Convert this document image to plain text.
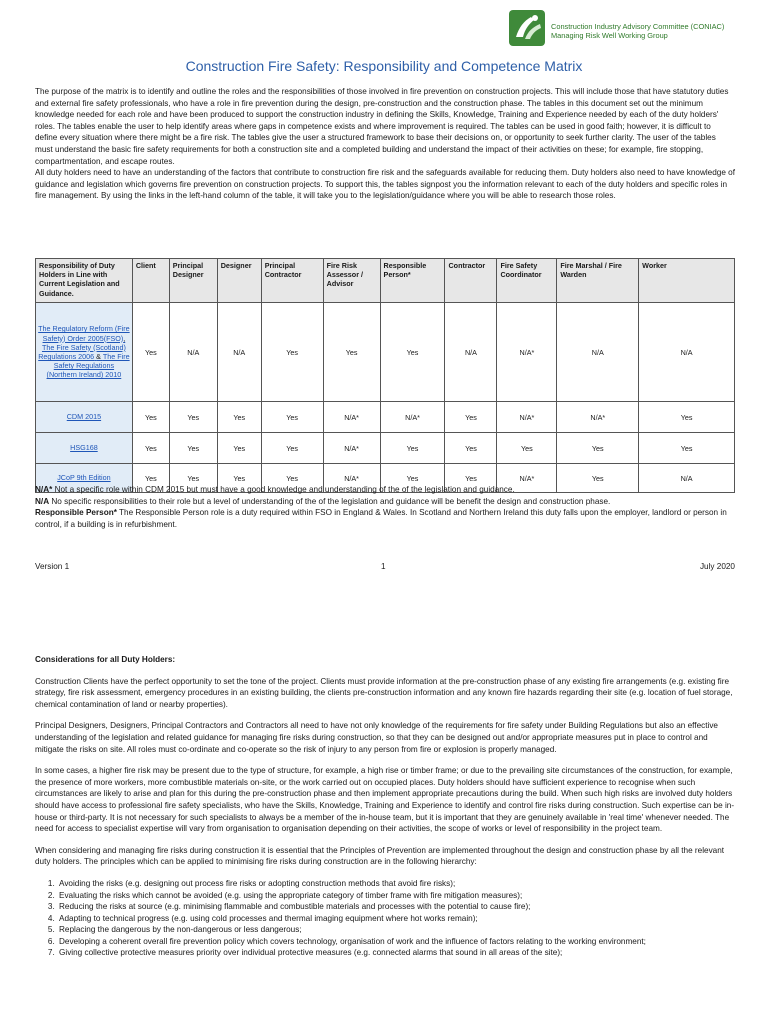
Construction Industry Advisory Committee (CONIAC)
Managing Risk Well Working Group
Construction Fire Safety: Responsibility and Competence Matrix

The purpose of the matrix is to identify and outline the roles and the responsibilities of those involved in fire prevention on construction projects. This will include those that have statutory duties and external fire safety professionals, who have a role in fire prevention during the design, pre-construction and the construction phase. The tables in this document set out the minimum knowledge needed for each role and have been produced to support the construction industry in defining the Skills, Knowledge, Training and Experience needed by each of the duty holders' roles. The tables enable the user to help identify areas where gaps in competence exists and where improvement is required. The tables can be used in good faith; however, it is difficult to define every situation where there might be a fire risk. The tables give the user a structured framework to base their decisions on, or opportunity to seek further clarity. The user of the tables must understand the basic fire safety requirements for both a construction site and a completed building and understand the impact of their activities on these; for example, fire stopping, compartmentation, and escape routes.

All duty holders need to have an understanding of the factors that contribute to construction fire risk and the safeguards available for reducing them. Duty holders also need to have knowledge of guidance and legislation which governs fire prevention on construction projects. To support this, the tables signpost you the information relevant to each of the duty holders and specific roles in fire management. By using the links in the left-hand column of the table, it will take you to the legislation/guidance where you will be able to research those roles.

Responsibility of Duty Holders in Line with Current Legislation and Guidance.	Client	Principal Designer	Designer	Principal Contractor	Fire Risk Assessor / Advisor	Responsible Person*	Contractor	Fire Safety Coordinator	Fire Marshal / Fire Warden	Worker
The Regulatory Reform (Fire Safety) Order 2005(FSO), The Fire Safety (Scotland) Regulations 2006 & The Fire Safety Regulations (Northern Ireland) 2010	Yes	N/A	N/A	Yes	Yes	Yes	N/A	N/A*	N/A	N/A
CDM 2015	Yes	Yes	Yes	Yes	N/A*	N/A*	Yes	N/A*	N/A*	Yes
HSG168	Yes	Yes	Yes	Yes	N/A*	Yes	Yes	Yes	Yes	Yes
JCoP 9th Edition	Yes	Yes	Yes	Yes	N/A*	Yes	Yes	N/A*	Yes	N/A

N/A* Not a specific role within CDM 2015 but must have a good knowledge and understanding of the of the legislation and guidance.

N/A No specific responsibilities to their role but a level of understanding of the of the legislation and guidance will be benefit the design and construction phase.

Responsible Person* The Responsible Person role is a duty required within FSO in England & Wales. In Scotland and Northern Ireland this duty falls upon the employer, landlord or person in control, if a building is in refurbishment.

Version 1	1	July 2020
Considerations for all Duty Holders:

Construction Clients have the perfect opportunity to set the tone of the project. Clients must provide information at the pre-construction phase of any existing fire arrangements (e.g. existing fire strategy, fire risk assessment, emergency procedures in an existing building, the clients pre-construction information and any known fire hazards regarding their site (e.g. location of fuel storage, chemical contamination of land or nearby properties).

Principal Designers, Designers, Principal Contractors and Contractors all need to have not only knowledge of the requirements for fire safety under Building Regulations but also an effective understanding of the legislation and related guidance for managing fire risks during construction, so that they can be designed out and/or appropriate measures put in place to control and mitigate the risks on site. All roles must co-ordinate and co-operate so the risk of injury to any person from fire or explosion is properly managed.

In some cases, a higher fire risk may be present due to the type of structure, for example, a high rise or timber frame; or due to the prevailing site circumstances of the construction, for example, the presence of more workers, more combustible materials on-site, or the work carried out on occupied places. Duty holders should have sufficient experience to recognise when such circumstances are likely to arise and plan for this during the pre-construction phase and then implement appropriate precautions during the build. When such high risks are involved duty holders should have access to professional fire safety specialists, who have the Skills, Knowledge, Training and Experience to identify and control fire risks during construction. Such expertise can be in-house or third-party. It is not necessary for such specialists to always be a member of the in-house team, but it is important that they are genuinely available in 'real time' whenever needed. The need for access to specialist expertise will vary from organisation to organisation depending on their activities, the scope of works or level of responsibility in the project team.

When considering and managing fire risks during construction it is essential that the Principles of Prevention are implemented throughout the design and construction phase by all the relevant duty holders. The principles which can be applied to minimising fire risks during construction are in the following hierarchy:

1. Avoiding the risks (e.g. designing out process fire risks or adopting construction methods that avoid fire risks);
2. Evaluating the risks which cannot be avoided (e.g. using the appropriate category of timber frame with fire mitigation measures);
3. Reducing the risks at source (e.g. minimising flammable and combustible materials and processes with the potential to cause fire);
4. Adapting to technical progress (e.g. using cold processes and thermal imaging equipment where hot works remain);
5. Replacing the dangerous by the non-dangerous or less dangerous;
6. Developing a coherent overall fire prevention policy which covers technology, organisation of work and the influence of factors relating to the working environment;
7. Giving collective protective measures priority over individual protective measures (e.g. connected alarms that sound in all areas of the site);
